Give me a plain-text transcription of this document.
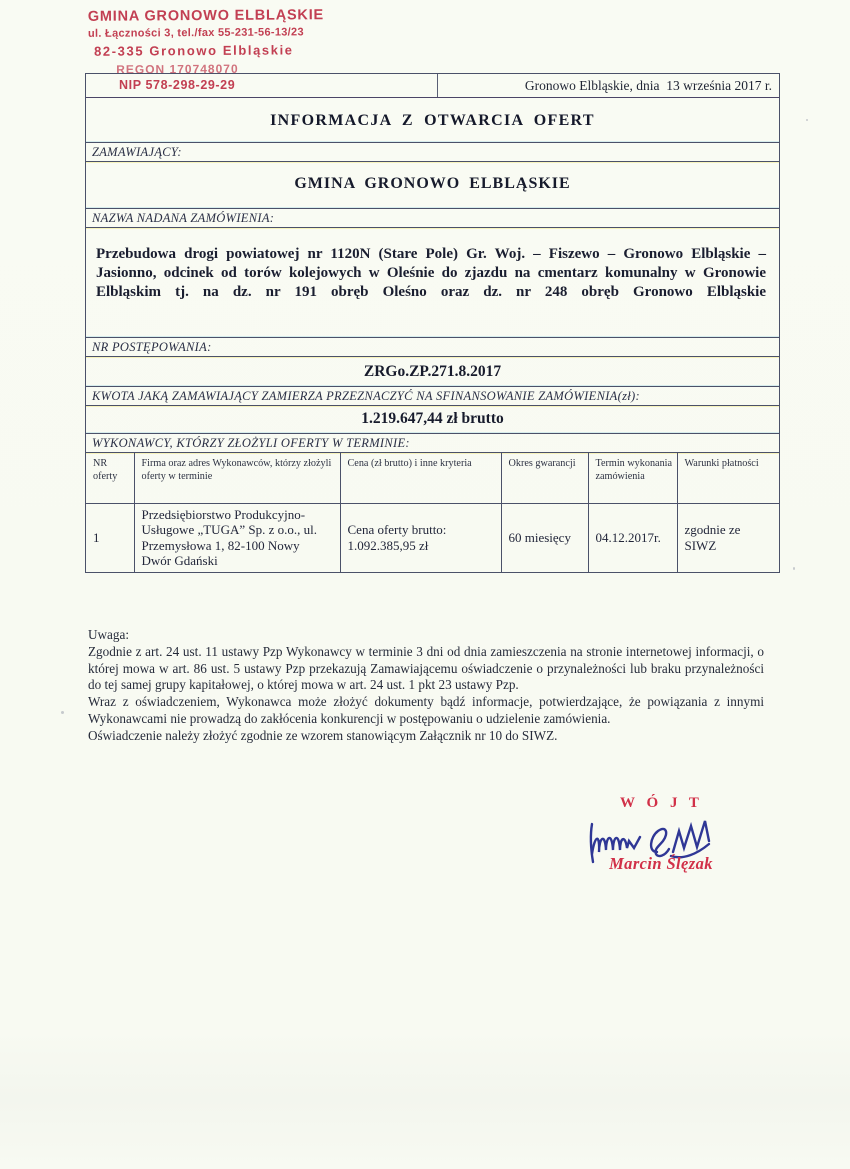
GMINA GRONOWO ELBLĄSKIE
ul. Łączności 3, tel./fax 55-231-56-13/23
82-335 Gronowo Elbląskie
REGON 170748070
NIP 578-298-29-29	Gronowo Elbląskie, dnia  13 września 2017 r.
INFORMACJA Z OTWARCIA OFERT
ZAMAWIAJĄCY:
GMINA GRONOWO ELBLĄSKIE
NAZWA NADANA ZAMÓWIENIA:
Przebudowa drogi powiatowej nr 1120N (Stare Pole) Gr. Woj. – Fiszewo – Gronowo Elbląskie – Jasionno, odcinek od torów kolejowych w Oleśnie do zjazdu na cmentarz komunalny w Gronowie Elbląskim tj. na dz. nr 191 obręb Oleśno oraz dz. nr 248 obręb Gronowo Elbląskie
NR POSTĘPOWANIA:
ZRGo.ZP.271.8.2017
KWOTA JAKĄ ZAMAWIAJĄCY ZAMIERZA PRZEZNACZYĆ NA SFINANSOWANIE ZAMÓWIENIA(zł):
1.219.647,44 zł brutto
WYKONAWCY, KTÓRZY ZŁOŻYLI OFERTY W TERMINIE:
NR oferty	Firma oraz adres Wykonawców, którzy złożyli oferty w terminie	Cena (zł brutto) i inne kryteria	Okres gwarancji	Termin wykonania zamówienia	Warunki płatności
1	Przedsiębiorstwo Produkcyjno-Usługowe „TUGA” Sp. z o.o., ul. Przemysłowa 1, 82-100 Nowy Dwór Gdański	Cena oferty brutto:
1.092.385,95 zł	60 miesięcy	04.12.2017r.	zgodnie ze SIWZ
Uwaga:
Zgodnie z art. 24 ust. 11 ustawy Pzp Wykonawcy w terminie 3 dni od dnia zamieszczenia na stronie internetowej informacji, o której mowa w art. 86 ust. 5 ustawy Pzp przekazują Zamawiającemu oświadczenie o przynależności lub braku przynależności do tej samej grupy kapitałowej, o której mowa w art. 24 ust. 1 pkt 23 ustawy Pzp.
Wraz z oświadczeniem, Wykonawca może złożyć dokumenty bądź informacje, potwierdzające, że powiązania z innymi Wykonawcami nie prowadzą do zakłócenia konkurencji w postępowaniu o udzielenie zamówienia.
Oświadczenie należy złożyć zgodnie ze wzorem stanowiącym Załącznik nr 10 do SIWZ.
W Ó J T
Marcin Ślęzak
